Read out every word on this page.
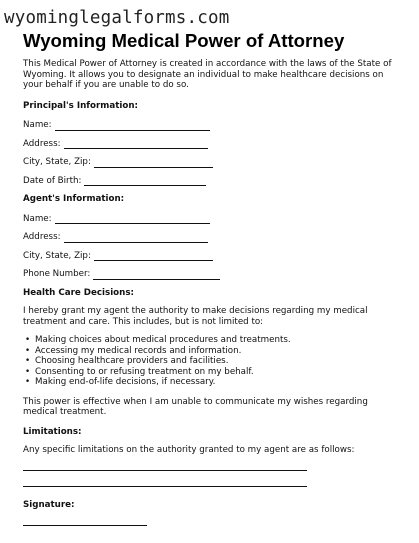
wyominglegalforms.com
Wyoming Medical Power of Attorney

This Medical Power of Attorney is created in accordance with the laws of the State of Wyoming. It allows you to designate an individual to make healthcare decisions on your behalf if you are unable to do so.

Principal's Information:

Name:
Address:
City, State, Zip:
Date of Birth:

Agent's Information:

Name:
Address:
City, State, Zip:
Phone Number:

Health Care Decisions:

I hereby grant my agent the authority to make decisions regarding my medical treatment and care. This includes, but is not limited to:

• Making choices about medical procedures and treatments.
• Accessing my medical records and information.
• Choosing healthcare providers and facilities.
• Consenting to or refusing treatment on my behalf.
• Making end-of-life decisions, if necessary.

This power is effective when I am unable to communicate my wishes regarding medical treatment.

Limitations:

Any specific limitations on the authority granted to my agent are as follows:

Signature:
